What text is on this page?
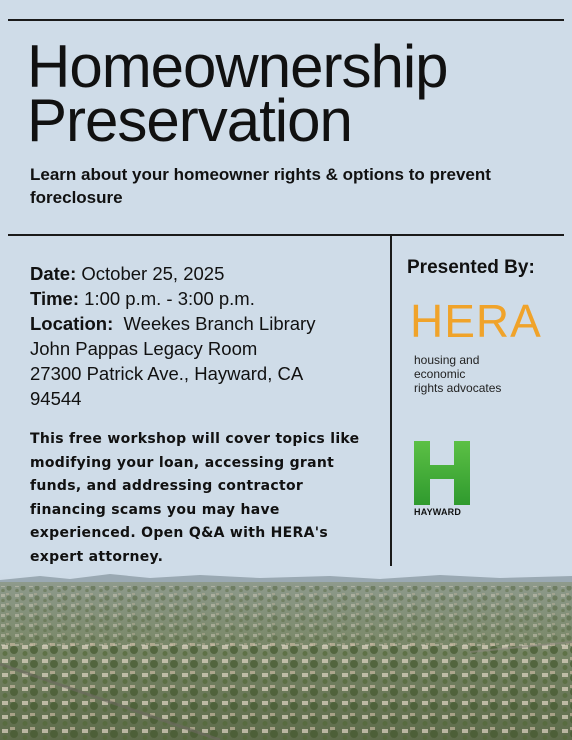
Homeownership
Preservation

Learn about your homeowner rights & options to prevent foreclosure

Date: October 25, 2025
Time: 1:00 p.m. - 3:00 p.m.
Location: Weekes Branch Library
John Pappas Legacy Room
27300 Patrick Ave., Hayward, CA
94544

This free workshop will cover topics like modifying your loan, accessing grant funds, and addressing contractor financing scams you may have experienced. Open Q&A with HERA's expert attorney.

Presented By:
HERA
housing and
economic
rights advocates
HAYWARD
